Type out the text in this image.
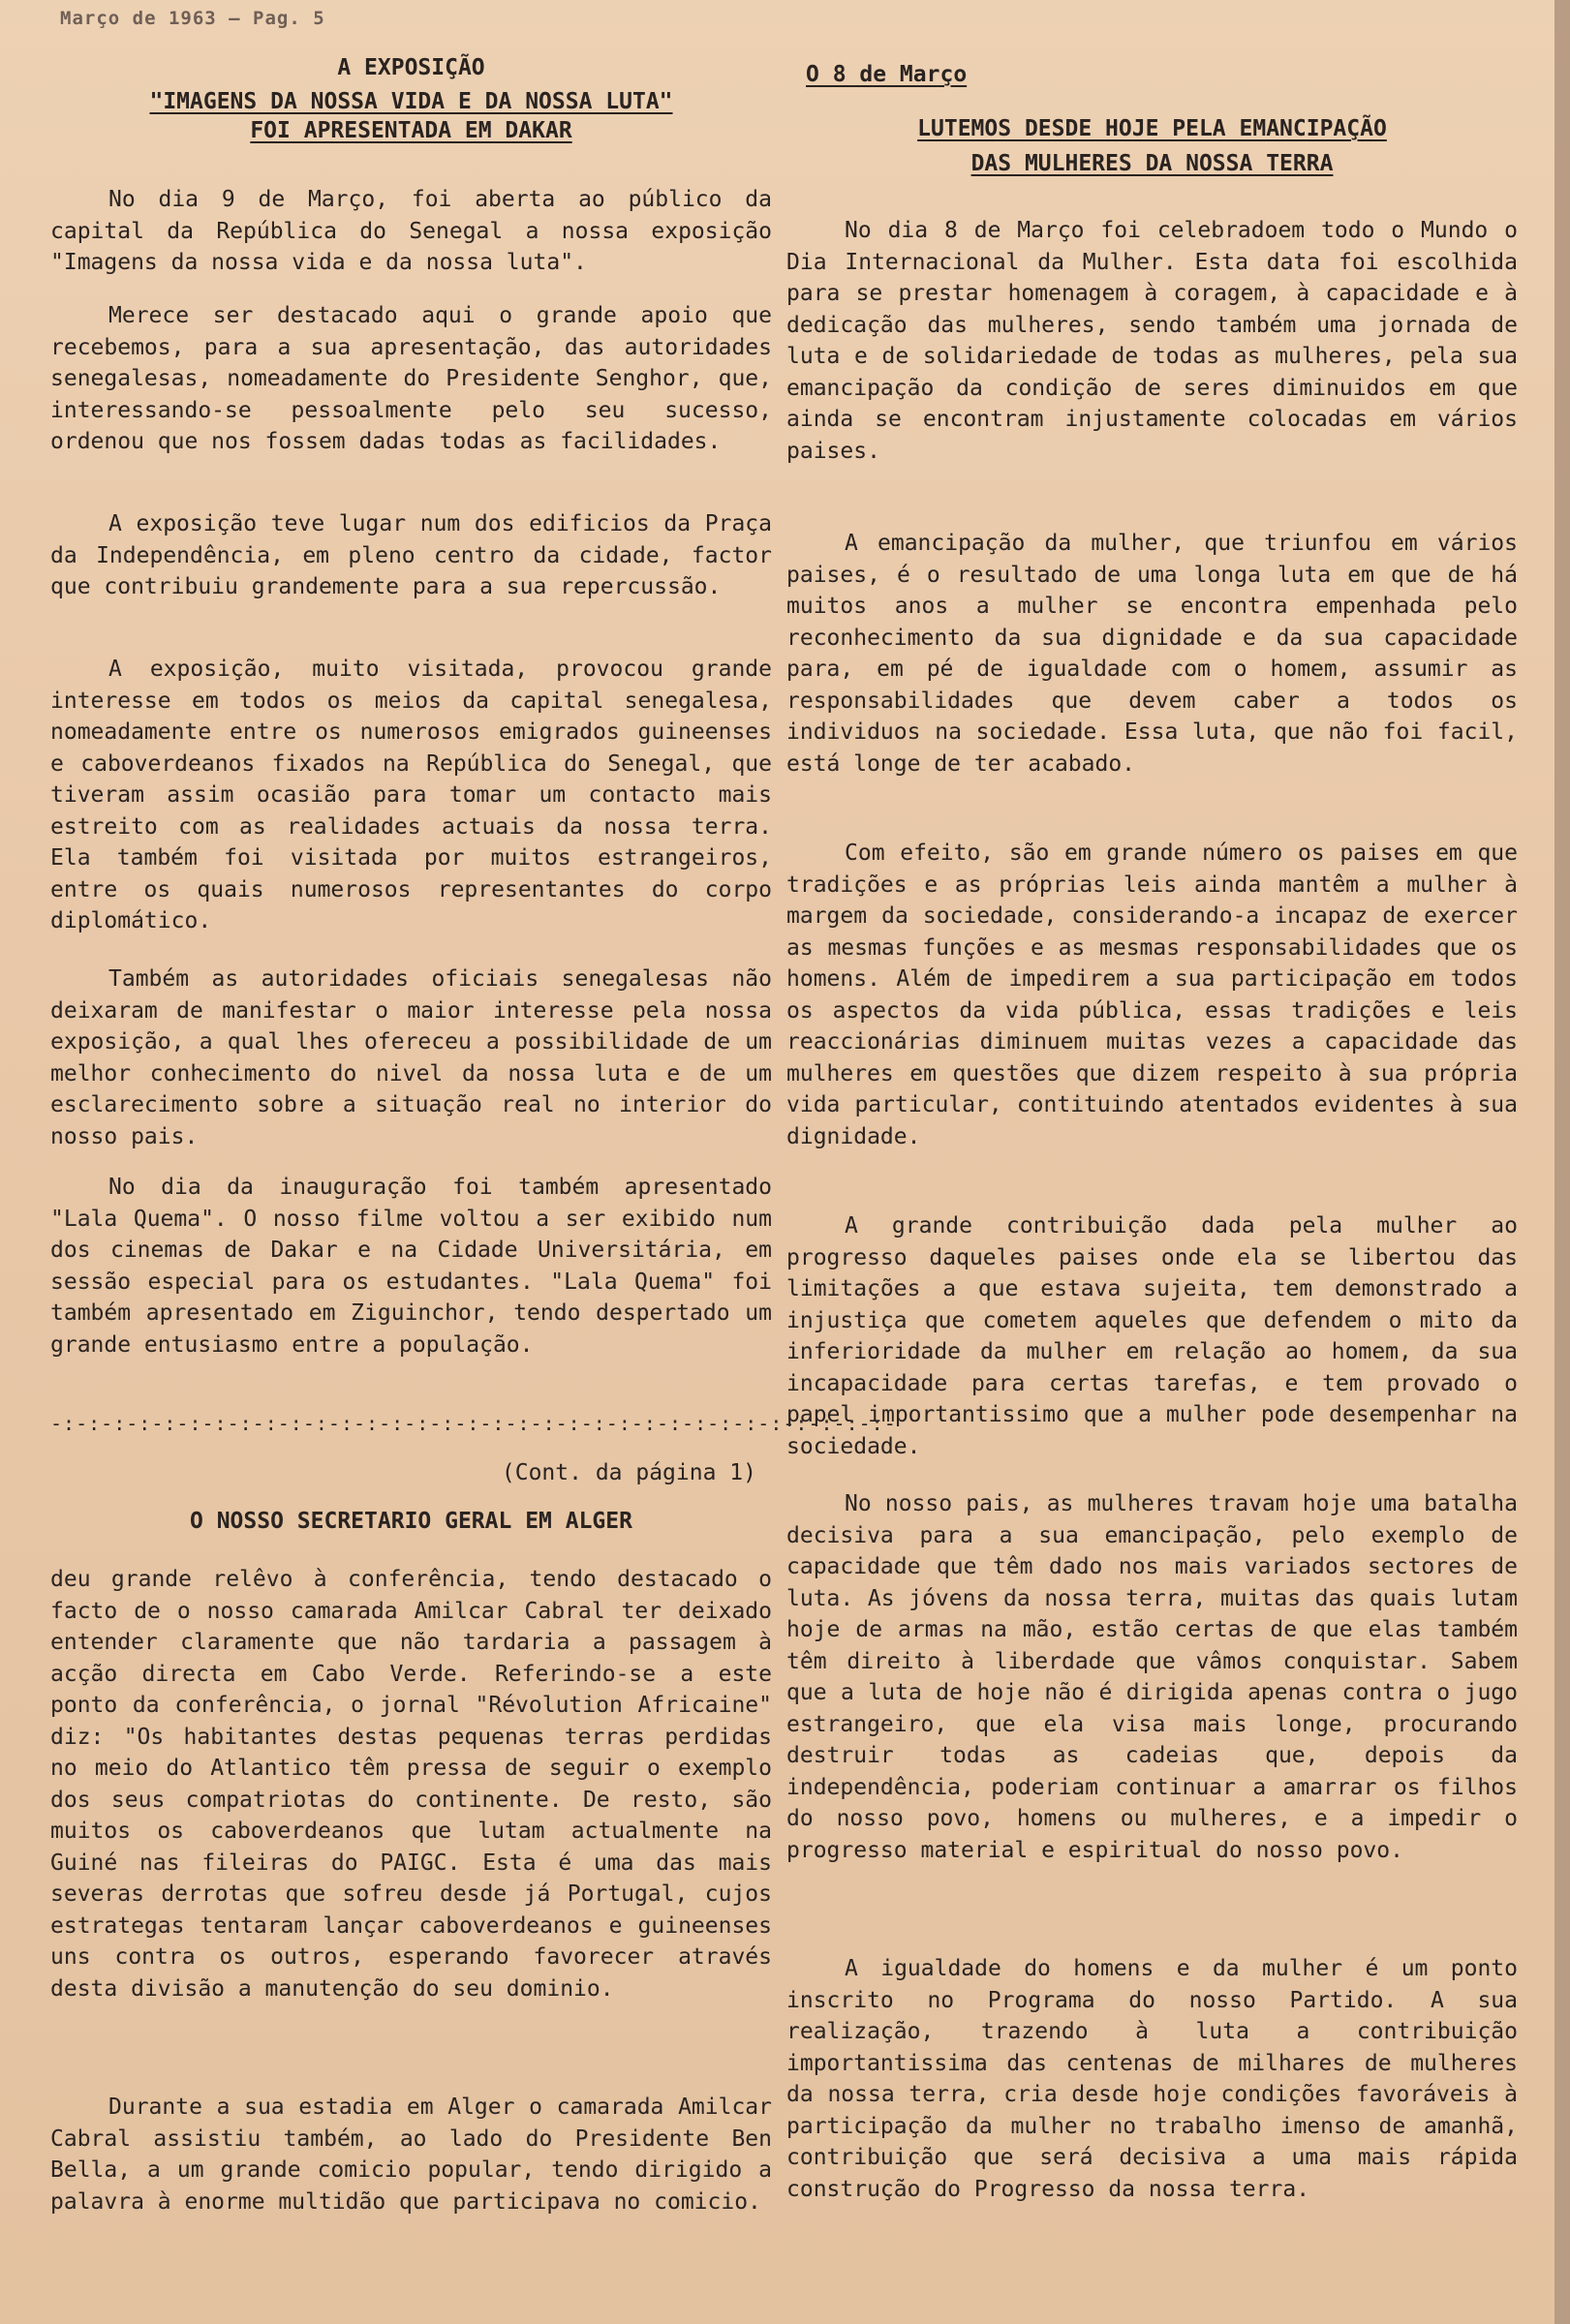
Março de 1963 — Pag. 5
A EXPOSIÇÃO
"IMAGENS DA NOSSA VIDA E DA NOSSA LUTA"
FOI APRESENTADA EM DAKAR

No dia 9 de Março, foi aberta ao público da capital da República do Senegal a nossa exposição "Imagens da nossa vida e da nossa luta".

Merece ser destacado aqui o grande apoio que recebemos, para a sua apresentação, das autoridades senegalesas, nomeadamente do Presidente Senghor, que, interessando-se pessoalmente pelo seu sucesso, ordenou que nos fossem dadas todas as facilidades.

A exposição teve lugar num dos edificios da Praça da Independência, em pleno centro da cidade, factor que contribuiu grandemente para a sua repercussão.

A exposição, muito visitada, provocou grande interesse em todos os meios da capital senegalesa, nomeadamente entre os numerosos emigrados guineenses e caboverdeanos fixados na República do Senegal, que tiveram assim ocasião para tomar um contacto mais estreito com as realidades actuais da nossa terra. Ela também foi visitada por muitos estrangeiros, entre os quais numerosos representantes do corpo diplomático.

Também as autoridades oficiais senegalesas não deixaram de manifestar o maior interesse pela nossa exposição, a qual lhes ofereceu a possibilidade de um melhor conhecimento do nivel da nossa luta e de um esclarecimento sobre a situação real no interior do nosso pais.

No dia da inauguração foi também apresentado "Lala Quema". O nosso filme voltou a ser exibido num dos cinemas de Dakar e na Cidade Universitária, em sessão especial para os estudantes. "Lala Quema" foi também apresentado em Ziguinchor, tendo despertado um grande entusiasmo entre a população.

-:-:-:-:-:-:-:-:-:-:-:-:-:-:-:-:-:-:-:-:-:-:-:-:-:-:-:-:-:-:-:-:-:-
(Cont. da página 1)
O NOSSO SECRETARIO GERAL EM ALGER

deu grande relêvo à conferência, tendo destacado o facto de o nosso camarada Amilcar Cabral ter deixado entender claramente que não tardaria a passagem à acção directa em Cabo Verde. Referindo-se a este ponto da conferência, o jornal "Révolution Africaine" diz: "Os habitantes destas pequenas terras perdidas no meio do Atlantico têm pressa de seguir o exemplo dos seus compatriotas do continente. De resto, são muitos os caboverdeanos que lutam actualmente na Guiné nas fileiras do PAIGC. Esta é uma das mais severas derrotas que sofreu desde já Portugal, cujos estrategas tentaram lançar caboverdeanos e guineenses uns contra os outros, esperando favorecer através desta divisão a manutenção do seu dominio.

Durante a sua estadia em Alger o camarada Amilcar Cabral assistiu também, ao lado do Presidente Ben Bella, a um grande comicio popular, tendo dirigido a palavra à enorme multidão que participava no comicio.

O 8 de Março
LUTEMOS DESDE HOJE PELA EMANCIPAÇÃO
DAS MULHERES DA NOSSA TERRA

No dia 8 de Março foi celebradoem todo o Mundo o Dia Internacional da Mulher. Esta data foi escolhida para se prestar homenagem à coragem, à capacidade e à dedicação das mulheres, sendo também uma jornada de luta e de solidariedade de todas as mulheres, pela sua emancipação da condição de seres diminuidos em que ainda se encontram injustamente colocadas em vários paises.

A emancipação da mulher, que triunfou em vários paises, é o resultado de uma longa luta em que de há muitos anos a mulher se encontra empenhada pelo reconhecimento da sua dignidade e da sua capacidade para, em pé de igualdade com o homem, assumir as responsabilidades que devem caber a todos os individuos na sociedade. Essa luta, que não foi facil, está longe de ter acabado.

Com efeito, são em grande número os paises em que tradições e as próprias leis ainda mantêm a mulher à margem da sociedade, considerando-a incapaz de exercer as mesmas funções e as mesmas responsabilidades que os homens. Além de impedirem a sua participação em todos os aspectos da vida pública, essas tradições e leis reaccionárias diminuem muitas vezes a capacidade das mulheres em questões que dizem respeito à sua própria vida particular, contituindo atentados evidentes à sua dignidade.

A grande contribuição dada pela mulher ao progresso daqueles paises onde ela se libertou das limitações a que estava sujeita, tem demonstrado a injustiça que cometem aqueles que defendem o mito da inferioridade da mulher em relação ao homem, da sua incapacidade para certas tarefas, e tem provado o papel importantissimo que a mulher pode desempenhar na sociedade.

No nosso pais, as mulheres travam hoje uma batalha decisiva para a sua emancipação, pelo exemplo de capacidade que têm dado nos mais variados sectores de luta. As jóvens da nossa terra, muitas das quais lutam hoje de armas na mão, estão certas de que elas também têm direito à liberdade que vâmos conquistar. Sabem que a luta de hoje não é dirigida apenas contra o jugo estrangeiro, que ela visa mais longe, procurando destruir todas as cadeias que, depois da independência, poderiam continuar a amarrar os filhos do nosso povo, homens ou mulheres, e a impedir o progresso material e espiritual do nosso povo.

A igualdade do homens e da mulher é um ponto inscrito no Programa do nosso Partido. A sua realização, trazendo à luta a contribuição importantissima das centenas de milhares de mulheres da nossa terra, cria desde hoje condições favoráveis à participação da mulher no trabalho imenso de amanhã, contribuição que será decisiva a uma mais rápida construção do Progresso da nossa terra.
